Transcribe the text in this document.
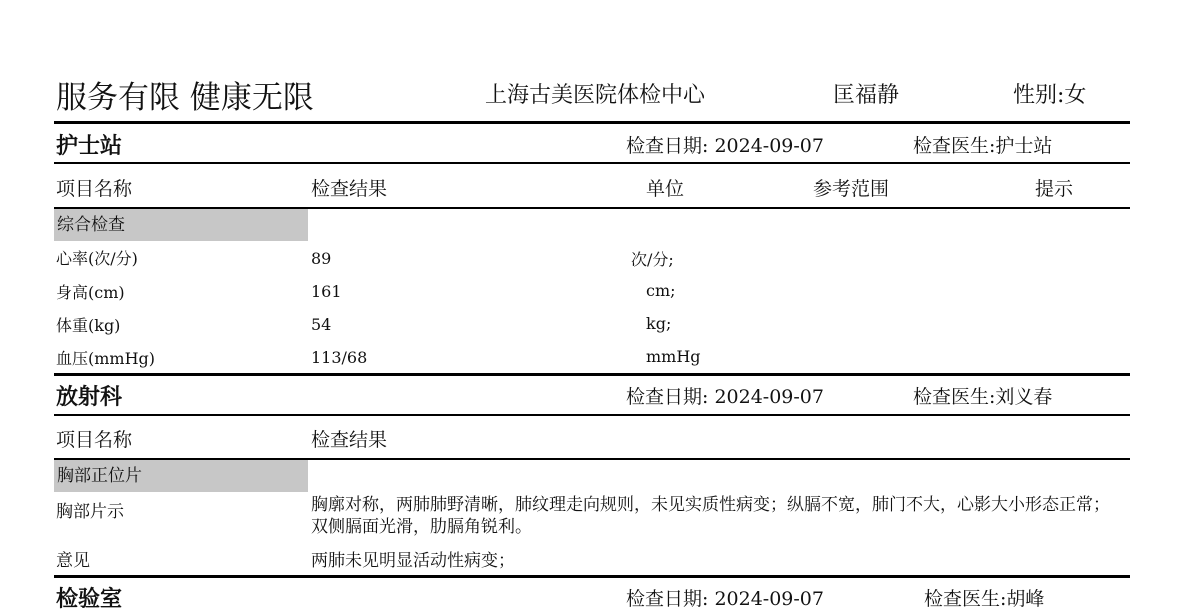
服务有限 健康无限	上海古美医院体检中心	匡福静	性别:女
护士站	检查日期: 2024-09-07	检查医生:护士站
项目名称	检查结果	单位	参考范围	提示
综合检查
心率(次/分)	89	次/分;
身高(cm)	161	cm;
体重(kg)	54	kg;
血压(mmHg)	113/68	mmHg
放射科	检查日期: 2024-09-07	检查医生:刘义春
项目名称	检查结果
胸部正位片
胸部片示	胸廓对称，两肺肺野清晰，肺纹理走向规则，未见实质性病变；纵膈不宽，肺门不大，心影大小形态正常；双侧膈面光滑，肋膈角锐利。
意见	两肺未见明显活动性病变；
检验室	检查日期: 2024-09-07	检查医生:胡峰
